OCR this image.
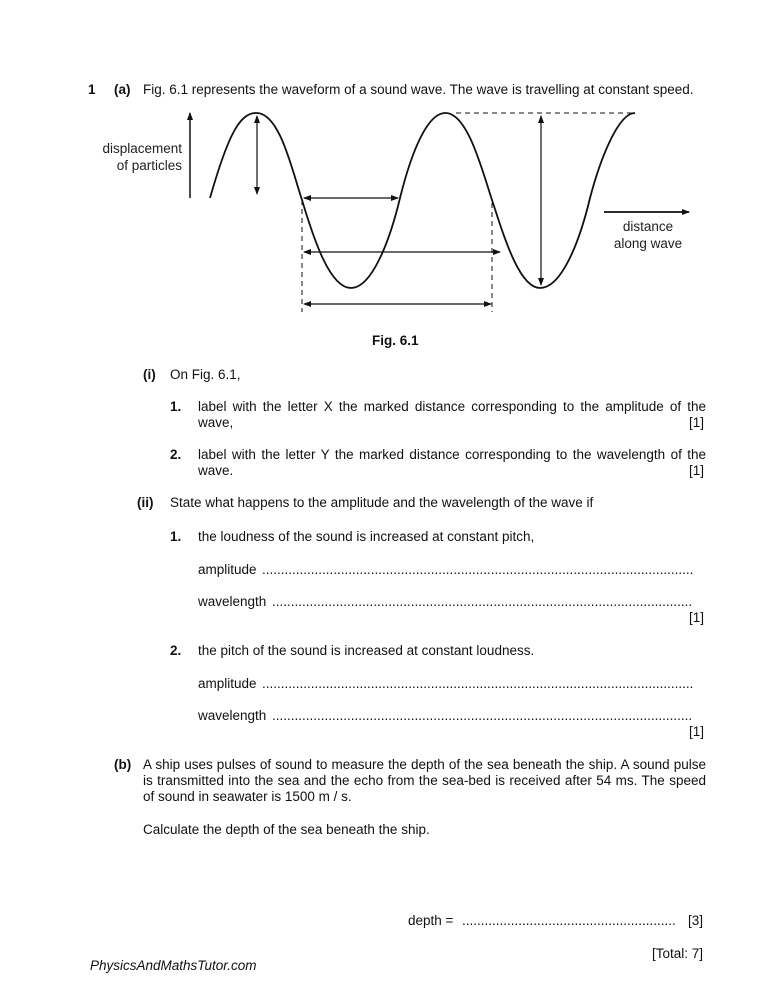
1 (a) Fig. 6.1 represents the waveform of a sound wave. The wave is travelling at constant speed.
displacement
of particles
distance
along wave
Fig. 6.1
(i) On Fig. 6.1,
1. label with the letter X the marked distance corresponding to the amplitude of the
wave,	[1]
2. label with the letter Y the marked distance corresponding to the wavelength of the
wave.	[1]
(ii) State what happens to the amplitude and the wavelength of the wave if
1. the loudness of the sound is increased at constant pitch,
amplitude ...................................................................................................................
wavelength ................................................................................................................
[1]
2. the pitch of the sound is increased at constant loudness.
amplitude ...................................................................................................................
wavelength ................................................................................................................
[1]
(b) A ship uses pulses of sound to measure the depth of the sea beneath the ship. A sound pulse
is transmitted into the sea and the echo from the sea-bed is received after 54 ms. The speed
of sound in seawater is 1500 m / s.
Calculate the depth of the sea beneath the ship.
depth = ......................................................... [3]
[Total: 7]
PhysicsAndMathsTutor.com
